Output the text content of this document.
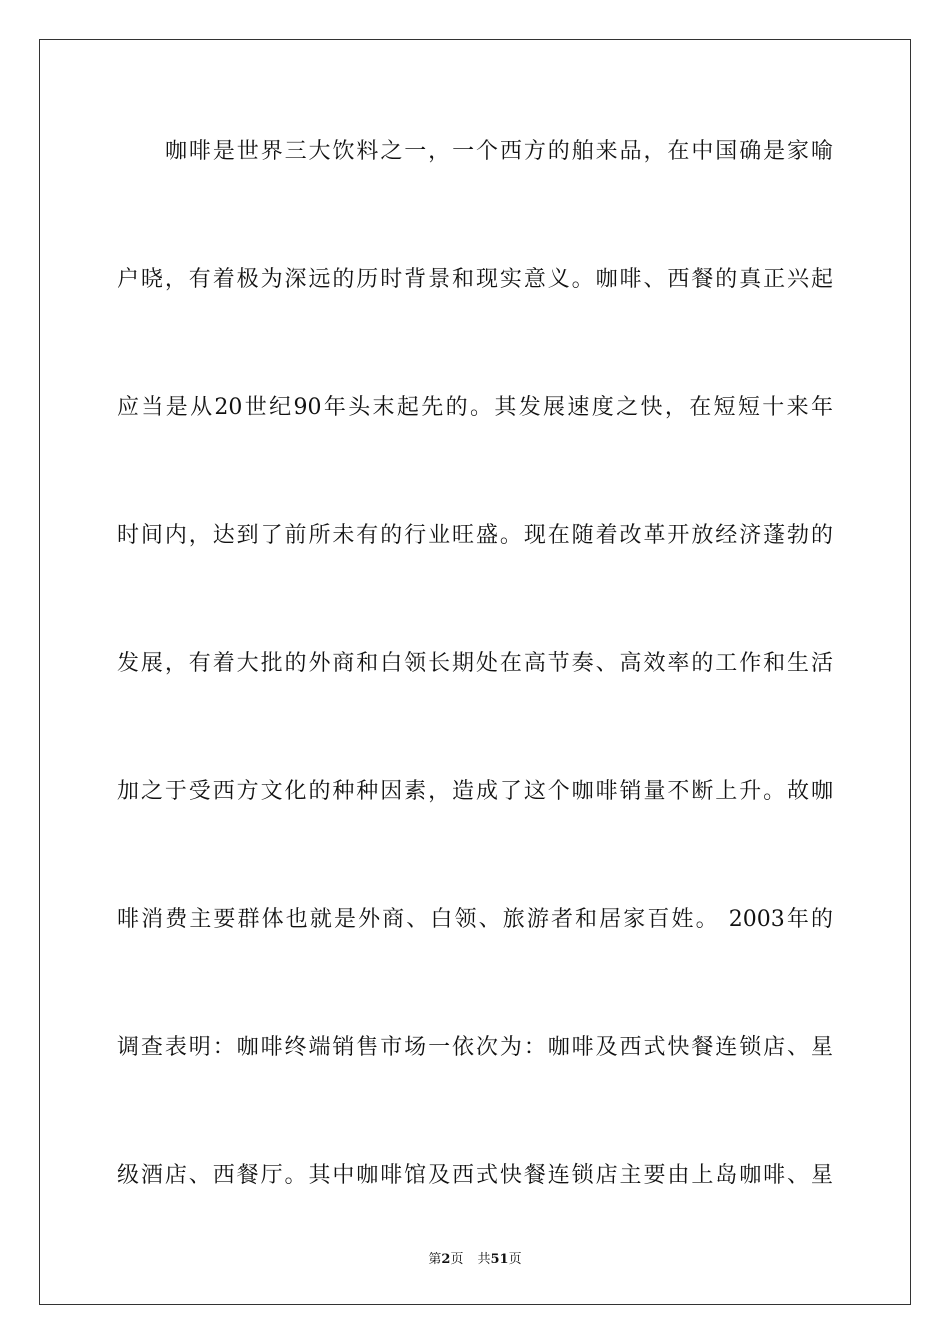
咖啡是世界三大饮料之一，一个西方的舶来品，在中国确是家喻
户晓，有着极为深远的历时背景和现实意义。咖啡、西餐的真正兴起
应当是从20世纪90年头末起先的。其发展速度之快，在短短十来年
时间内，达到了前所未有的行业旺盛。现在随着改革开放经济蓬勃的
发展，有着大批的外商和白领长期处在高节奏、高效率的工作和生活
加之于受西方文化的种种因素，造成了这个咖啡销量不断上升。故咖
啡消费主要群体也就是外商、白领、旅游者和居家百姓。 2003年的
调查表明：咖啡终端销售市场一依次为：咖啡及西式快餐连锁店、星
级酒店、西餐厅。其中咖啡馆及西式快餐连锁店主要由上岛咖啡、星
第2页 共51页
